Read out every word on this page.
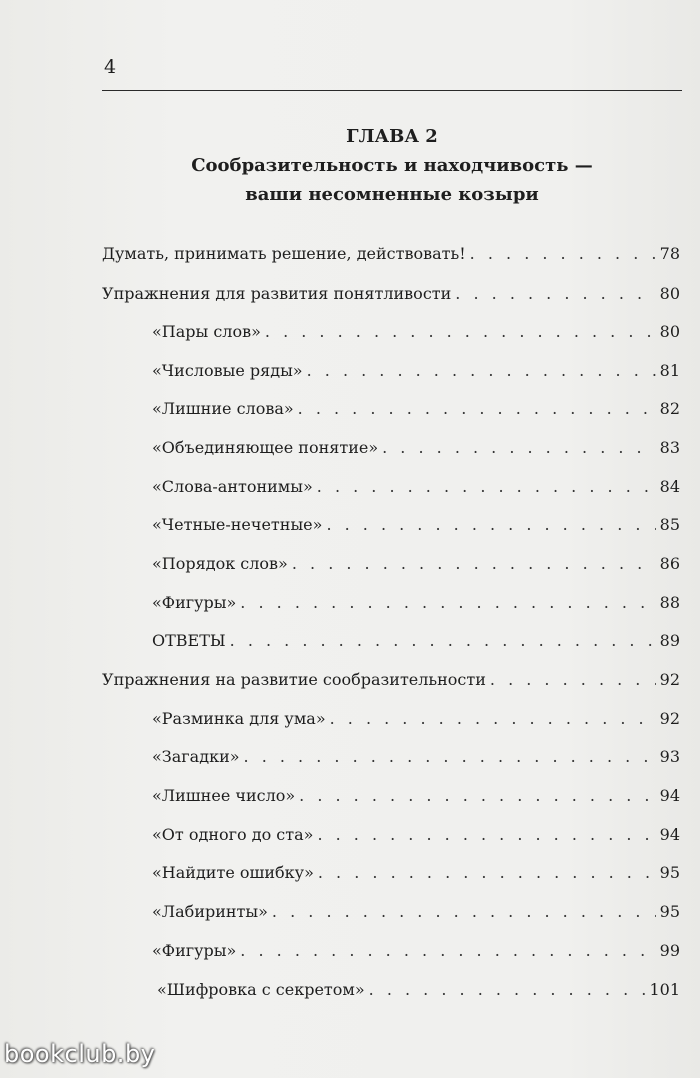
4
ГЛАВА 2
Сообразительность и находчивость —
ваши несомненные козыри
Думать, принимать решение, действовать! . . .	78
Упражнения для развития понятливости . . .	80
«Пары слов» . . .	80
«Числовые ряды» . . .	81
«Лишние слова» . . .	82
«Объединяющее понятие» . . .	83
«Слова-антонимы» . . .	84
«Четные-нечетные» . . .	85
«Порядок слов» . . .	86
«Фигуры» . . .	88
ОТВЕТЫ . . .	89
Упражнения на развитие сообразительности . . .	92
«Разминка для ума» . . .	92
«Загадки» . . .	93
«Лишнее число» . . .	94
«От одного до ста» . . .	94
«Найдите ошибку» . . .	95
«Лабиринты» . . .	95
«Фигуры» . . .	99
«Шифровка с секретом» . . .	101
bookclub.by
